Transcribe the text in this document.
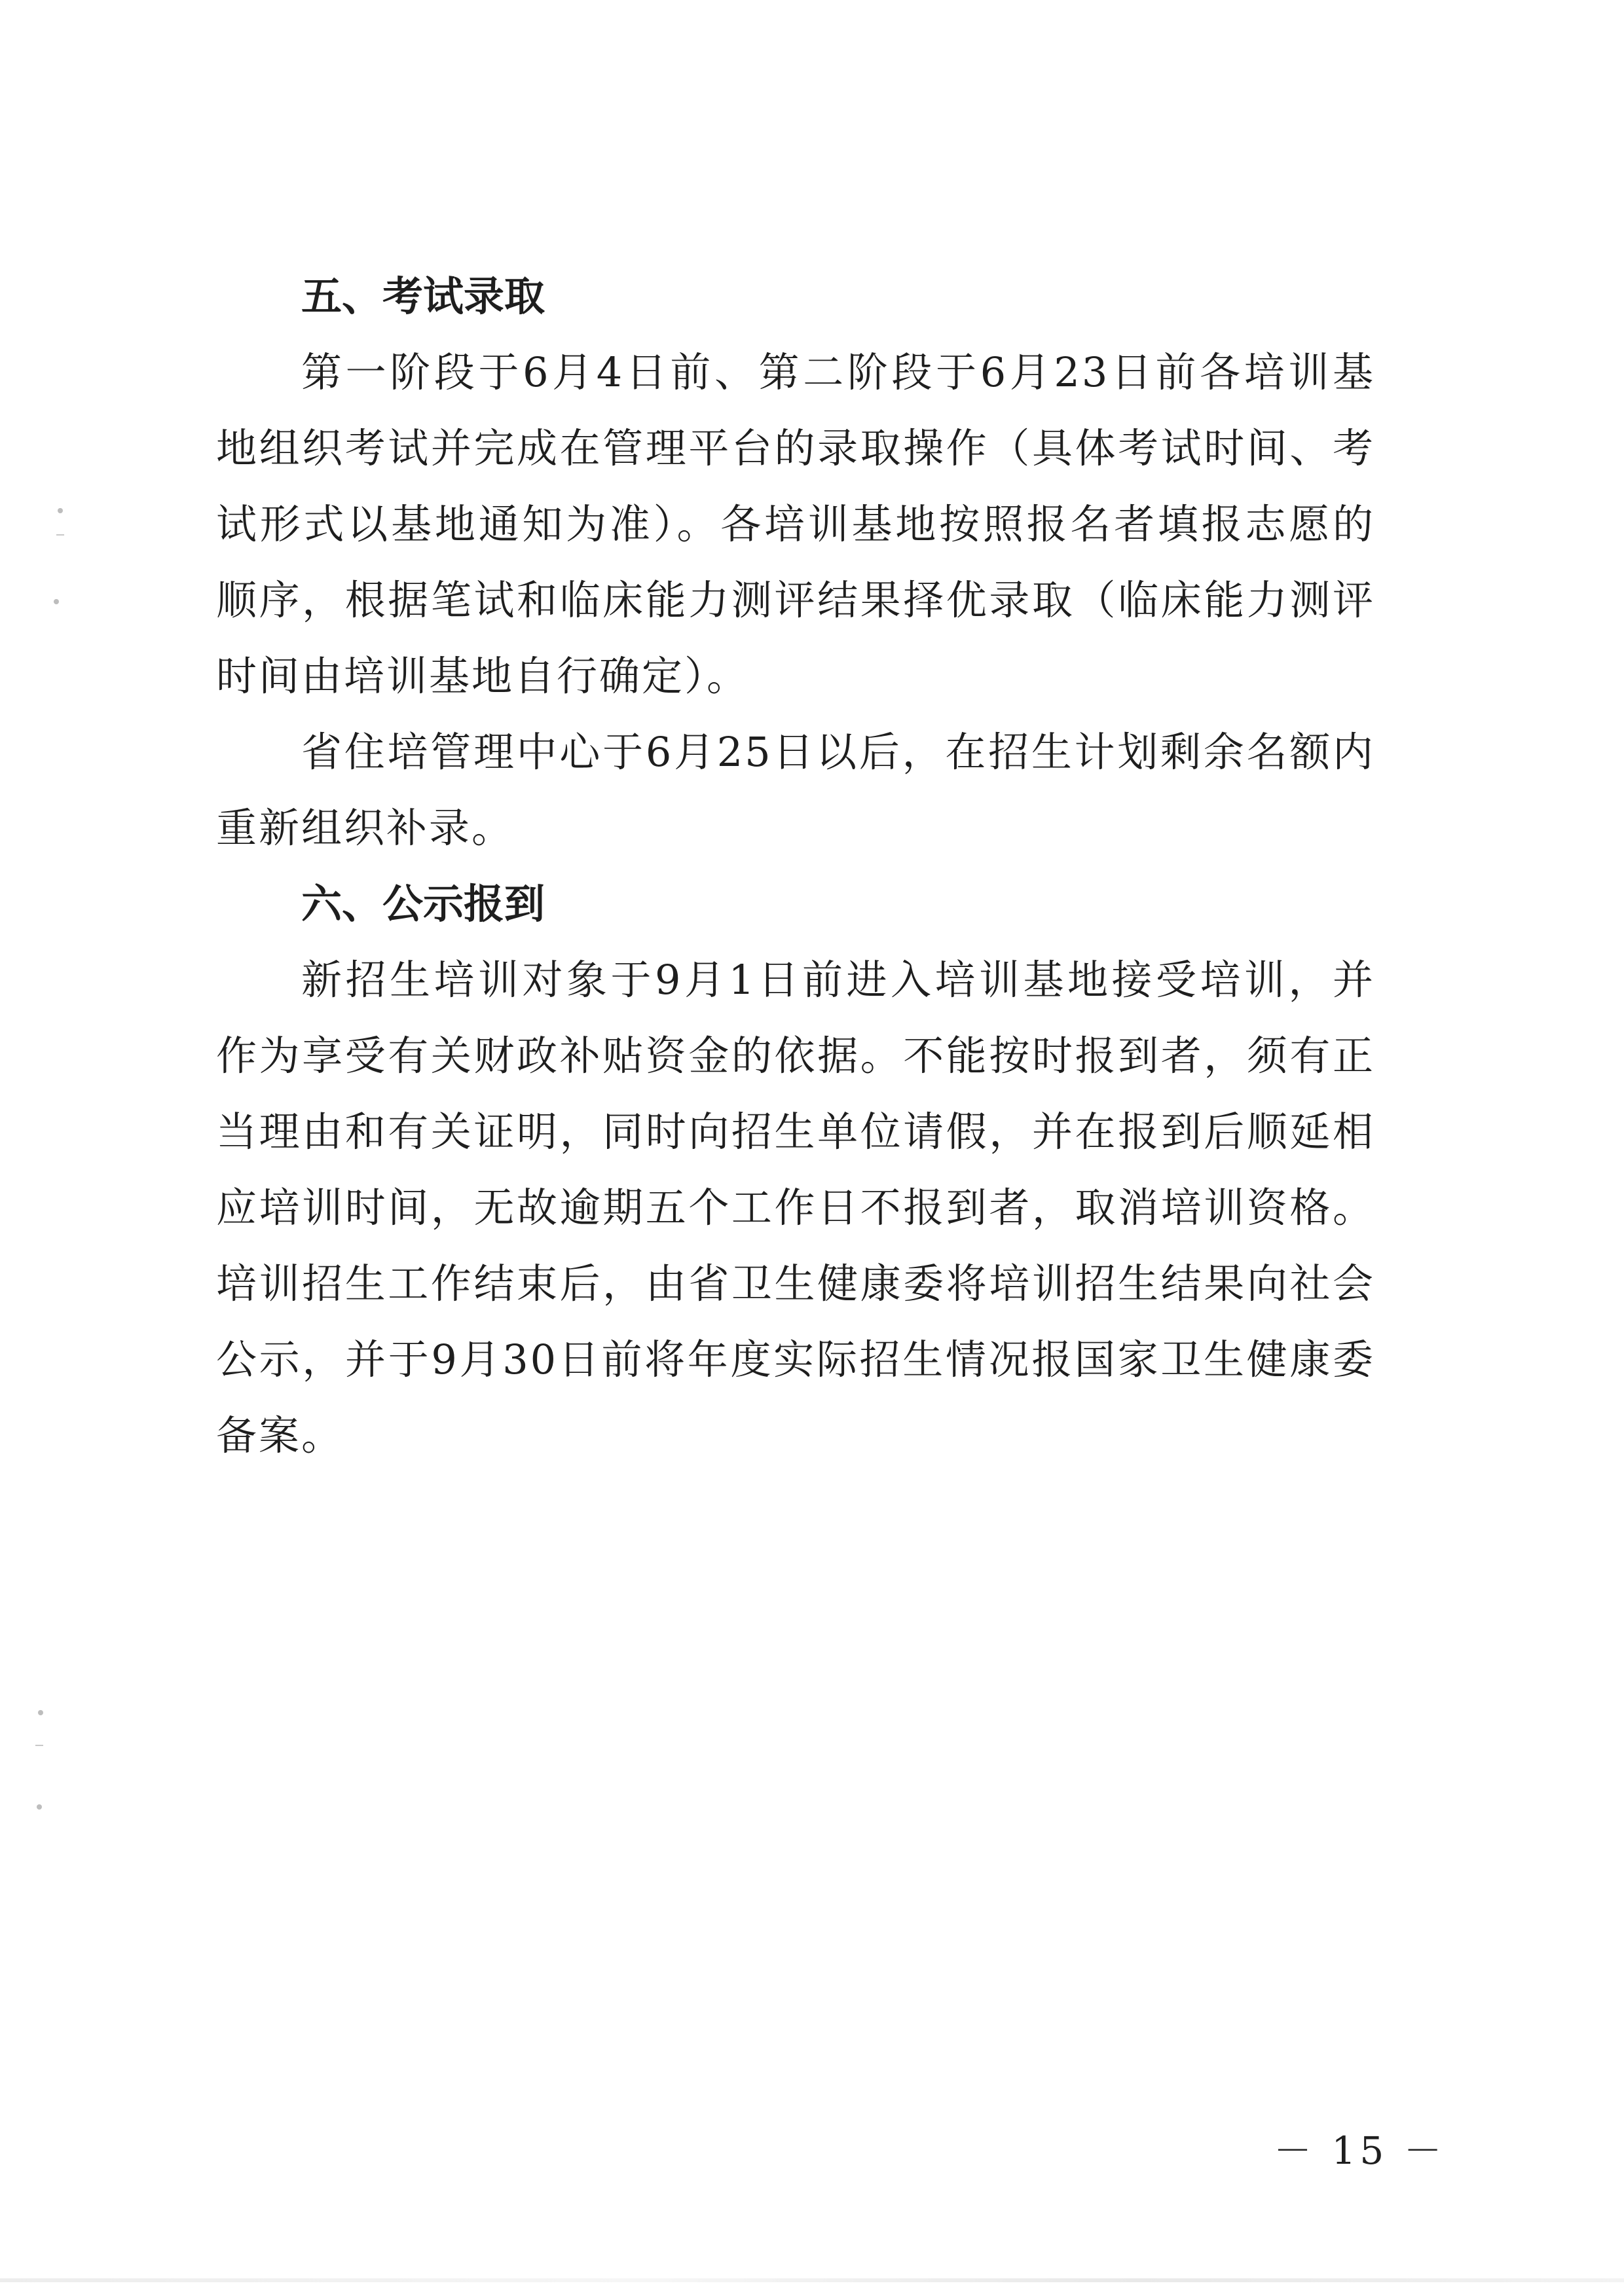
五、考试录取

第一阶段于6月4日前、第二阶段于6月23日前各培训基地组织考试并完成在管理平台的录取操作（具体考试时间、考试形式以基地通知为准）。各培训基地按照报名者填报志愿的顺序，根据笔试和临床能力测评结果择优录取（临床能力测评时间由培训基地自行确定）。

省住培管理中心于6月25日以后，在招生计划剩余名额内重新组织补录。

六、公示报到

新招生培训对象于9月1日前进入培训基地接受培训，并作为享受有关财政补贴资金的依据。不能按时报到者，须有正当理由和有关证明，同时向招生单位请假，并在报到后顺延相应培训时间，无故逾期五个工作日不报到者，取消培训资格。培训招生工作结束后，由省卫生健康委将培训招生结果向社会公示，并于9月30日前将年度实际招生情况报国家卫生健康委备案。

－ 15 －
